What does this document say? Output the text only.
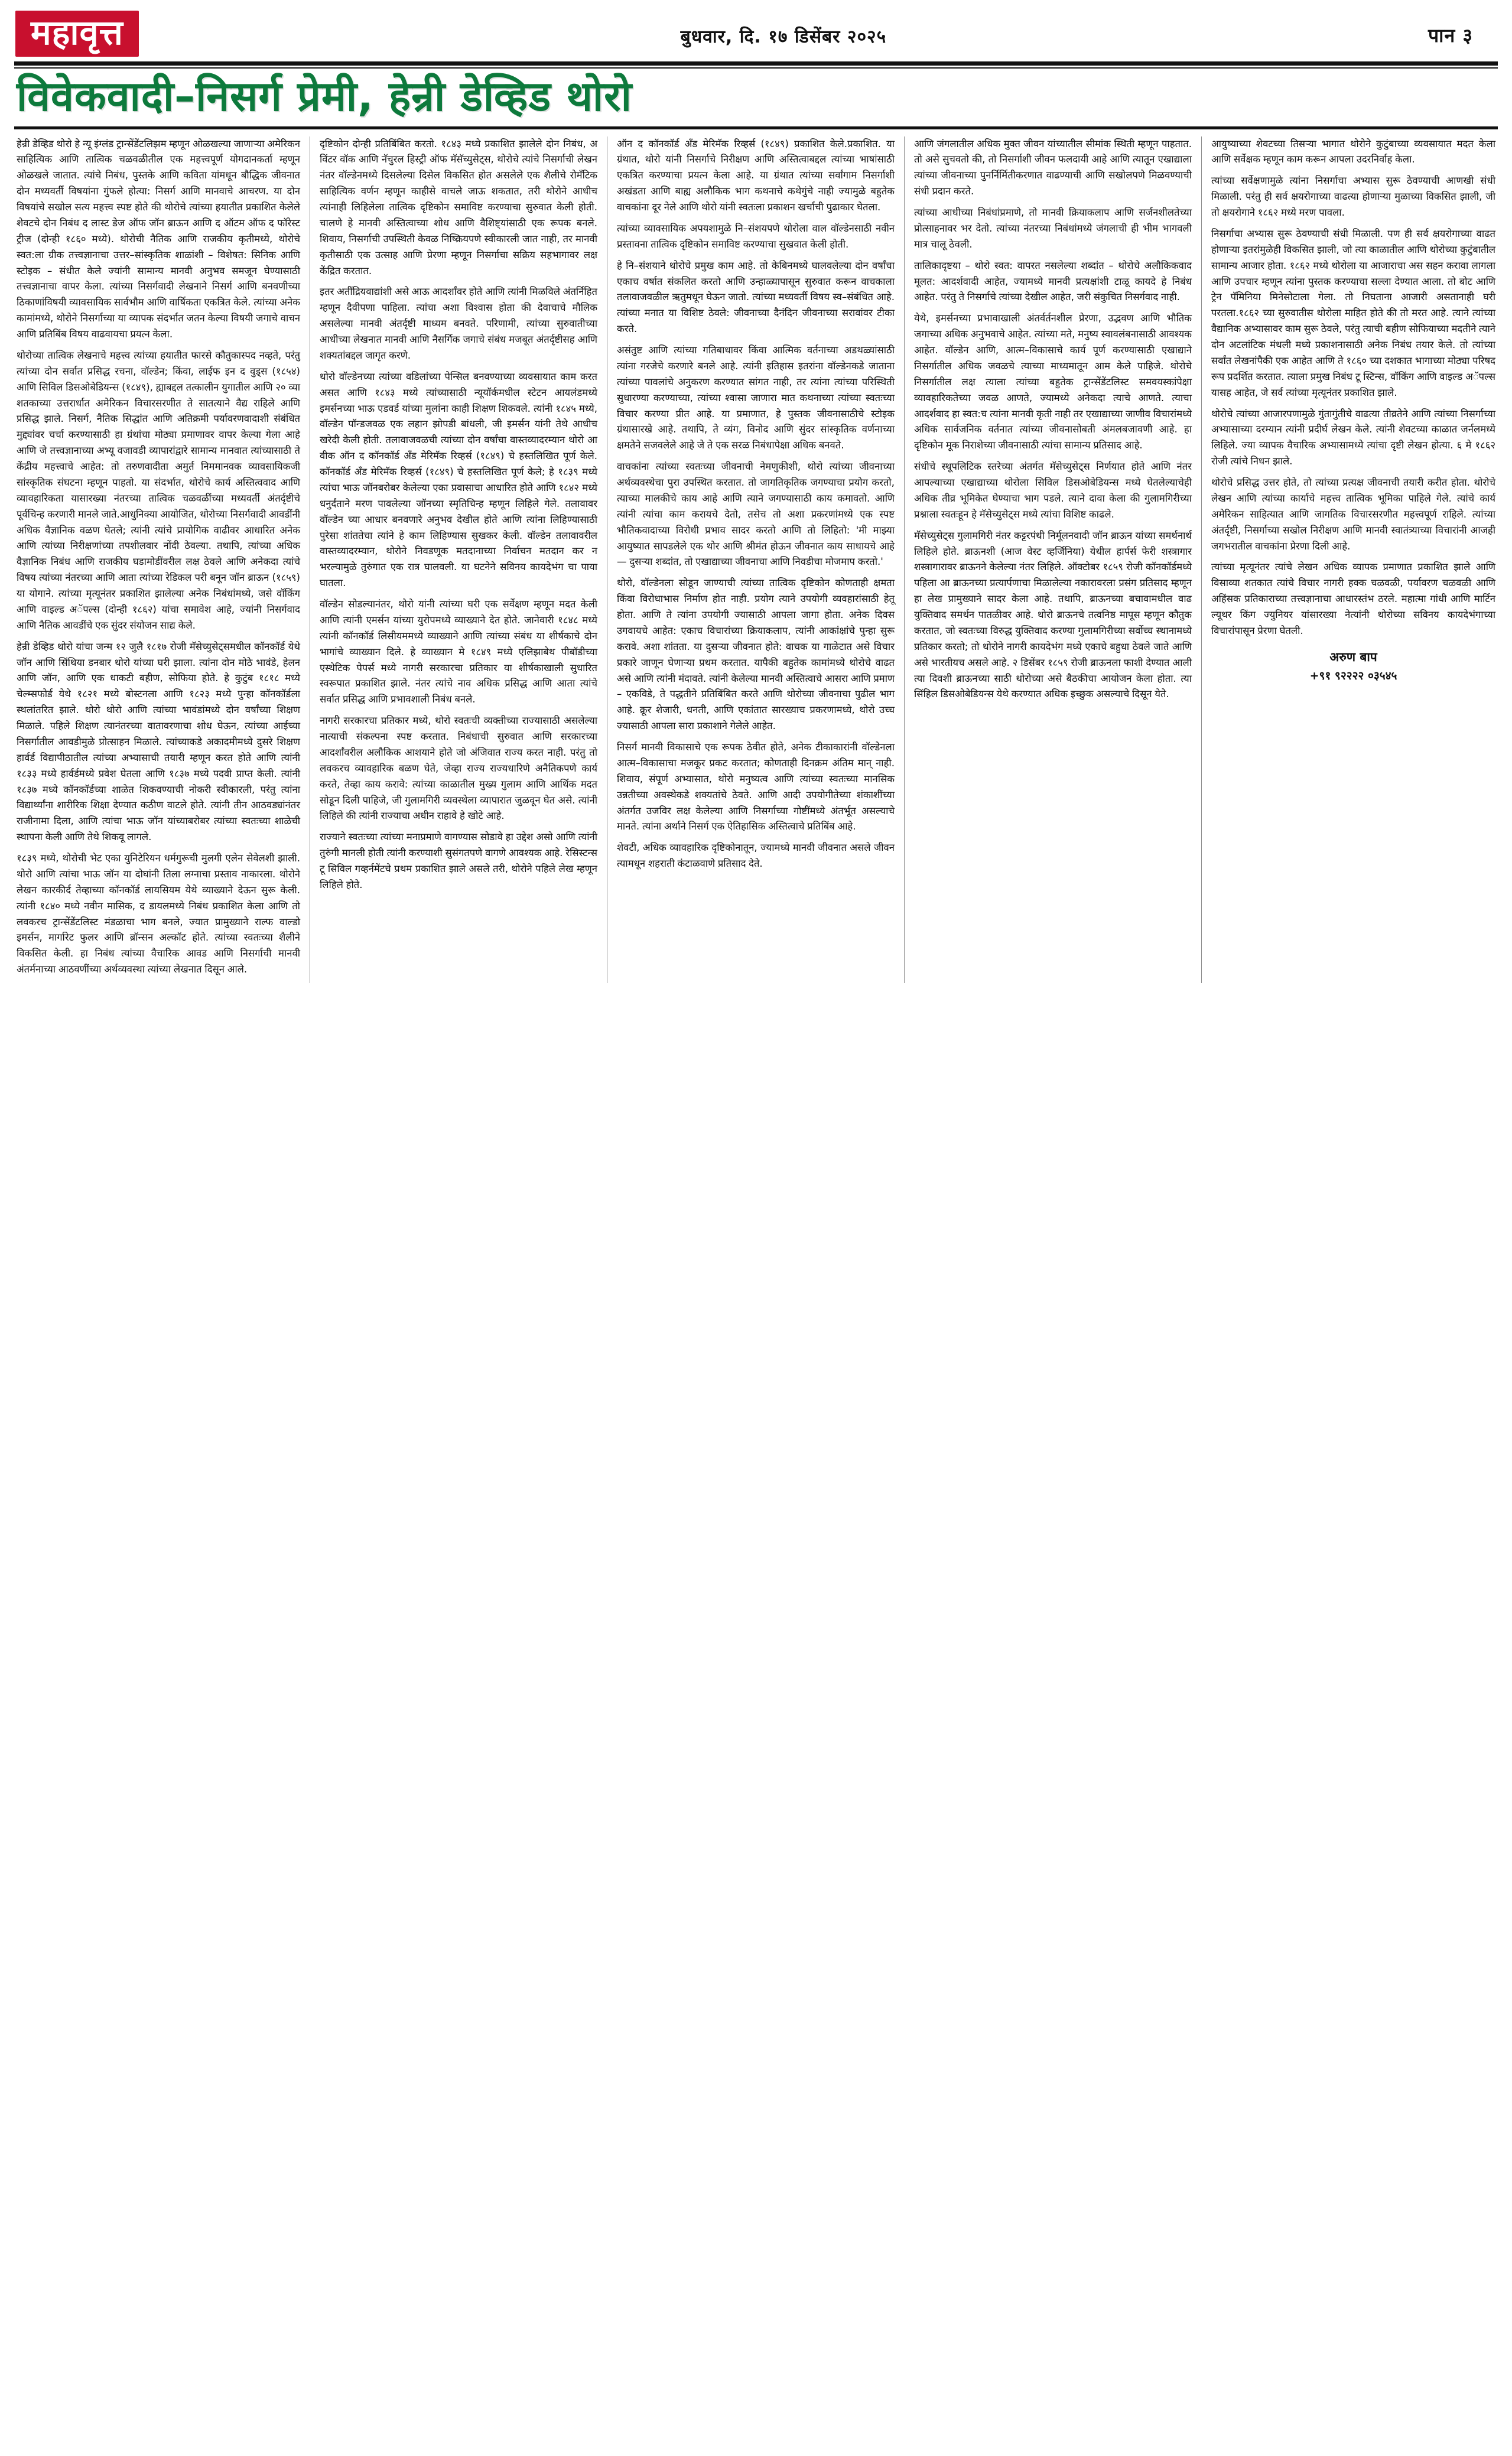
महावृत्त	बुधवार, दि. १७ डिसेंबर २०२५	पान ३
विवेकवादी–निसर्ग प्रेमी, हेन्री डेव्हिड थोरो

हेन्री डेव्हिड थोरो हे न्यू इंग्लंड ट्रान्सेंडेंटलिझम म्हणून ओळखल्या जाणाऱ्या अमेरिकन साहित्यिक आणि तात्विक चळवळीतील एक महत्त्वपूर्ण योगदानकर्ता म्हणून ओळखले जातात. त्यांचे निबंध, पुस्तके आणि कविता यांमधून बौद्धिक जीवनात दोन मध्यवर्ती विषयांना गुंफले होत्या: निसर्ग आणि मानवाचे आचरण. या दोन विषयांचे सखोल सत्य महत्त्व स्पष्ट होते की थोरोचे त्यांच्या हयातीत प्रकाशित केलेले शेवटचे दोन निबंध द लास्ट डेज ऑफ जॉन ब्राऊन आणि द ऑटम ऑफ द फॉरेस्ट ट्रीज (दोन्ही १८६० मध्ये). थोरोची नैतिक आणि राजकीय कृतीमध्ये, थोरोचे स्वत:ला ग्रीक तत्त्वज्ञानाचा उत्तर–सांस्कृतिक शाळांशी – विशेषत: सिनिक आणि स्टोइक – संधीत केले ज्यांनी सामान्य मानवी अनुभव समजून घेण्यासाठी तत्त्वज्ञानाचा वापर केला. त्यांच्या निसर्गवादी लेखनाने निसर्ग आणि बनवणीच्या ठिकाणांविषयी व्यावसायिक सार्वभौम आणि वार्षिकता एकत्रित केले. त्यांच्या अनेक कामांमध्ये, थोरोने निसर्गाच्या या व्यापक संदर्भात जतन केल्या विषयी जगाचे वाचन आणि प्रतिबिंब विषय वाढवायचा प्रयत्न केला.

थोरोच्या तात्विक लेखनाचे महत्त्व त्यांच्या हयातीत फारसे कौतुकास्पद नव्हते, परंतु त्यांच्या दोन सर्वात प्रसिद्ध रचना, वॉल्डेन; किंवा, लाईफ इन द वुड्स (१८५४) आणि सिविल डिसओबेडियन्स (१८४९), ह्याबद्दल तत्कालीन युगातील आणि २० व्या शतकाच्या उत्तरार्धात अमेरिकन विचारसरणीत ते सातत्याने वैद्य राहिले आणि प्रसिद्ध झाले. निसर्ग, नैतिक सिद्धांत आणि अतिक्रमी पर्यावरणवादाशी संबंधित मुद्द्यांवर चर्चा करण्यासाठी हा ग्रंथांचा मोठ्या प्रमाणावर वापर केल्या गेला आहे आणि जे तत्त्वज्ञानाच्या अभ्यू वजावडी व्यापारांद्वारे सामान्य मानवात त्यांच्यासाठी ते केंद्रीय महत्त्वाचे आहेत: तो तरुणवादीता अमुर्त निममानवक व्यावसायिकजी सांस्कृतिक संघटना म्हणून पाहतो. या संदर्भात, थोरोचे कार्य अस्तित्ववाद आणि व्यावहारिकता यासारख्या नंतरच्या तात्विक चळवळींच्या मध्यवर्ती अंतर्दृष्टीचे पूर्वचिन्ह करणारी मानले जाते.आधुनिक्या आयोजित, थोरोच्या निसर्गवादी आवडींनी अधिक वैज्ञानिक वळण घेतले; त्यांनी त्यांचे प्रायोगिक वाढीवर आधारित अनेक आणि त्यांच्या निरीक्षणांच्या तपशीलवार नोंदी ठेवल्या. तथापि, त्यांच्या अधिक वैज्ञानिक निबंध आणि राजकीय घडामोडींवरील लक्ष ठेवले आणि अनेकदा त्यांचे विषय त्यांच्या नंतरच्या आणि आता त्यांच्या रेडिकल परी बनून जॉन ब्राऊन (१८५९) या योगाने. त्यांच्या मृत्यूनंतर प्रकाशित झालेल्या अनेक निबंधांमध्ये, जसे वॉकिंग आणि वाइल्ड अॅपल्स (दोन्ही १८६२) यांचा समावेश आहे, ज्यांनी निसर्गवाद आणि नैतिक आवडींचे एक सुंदर संयोजन साद्य केले.

हेन्री डेव्हिड थोरो यांचा जन्म १२ जुलै १८१७ रोजी मॅसेच्युसेट्समधील कॉनकॉर्ड येथे जॉन आणि सिंथिया डनबार थोरो यांच्या घरी झाला. त्यांना दोन मोठे भावंडे, हेलन आणि जॉन, आणि एक धाकटी बहीण, सोफिया होते. हे कुटुंब १८१८ मध्ये चेल्म्सफोर्ड येथे १८२१ मध्ये बोस्टनला आणि १८२३ मध्ये पुन्हा कॉनकॉर्डला स्थलांतरित झाले. थोरो थोरो आणि त्यांच्या भावंडांमध्ये दोन वर्षांच्या शिक्षण मिळाले. पहिले शिक्षण त्यानंतरच्या वातावरणाचा शोध घेऊन, त्यांच्या आईच्या निसर्गातील आवडीमुळे प्रोत्साहन मिळाले. त्यांच्याकडे अकादमीमध्ये दुसरे शिक्षण हार्वर्ड विद्यापीठातील त्यांच्या अभ्यासाची तयारी म्हणून करत होते आणि त्यांनी १८३३ मध्ये हार्वर्डमध्ये प्रवेश घेतला आणि १८३७ मध्ये पदवी प्राप्त केली. त्यांनी १८३७ मध्ये कॉनकॉर्डच्या शाळेत शिकवण्याची नोकरी स्वीकारली, परंतु त्यांना विद्यार्थ्यांना शारीरिक शिक्षा देण्यात कठीण वाटले होते. त्यांनी तीन आठवड्यांनंतर राजीनामा दिला, आणि त्यांचा भाऊ जॉन यांच्याबरोबर त्यांच्या स्वतःच्या शाळेची स्थापना केली आणि तेथे शिकवू लागले.

१८३९ मध्ये, थोरोची भेट एका युनिटेरियन धर्मगुरूची मुलगी एलेन सेवेलशी झाली. थोरो आणि त्यांचा भाऊ जॉन या दोघांनी तिला लग्नाचा प्रस्ताव नाकारला. थोरोने लेखन कारकीर्द तेव्हाच्या कॉनकॉर्ड लायसियम येथे व्याख्याने देऊन सुरू केली. त्यांनी १८४० मध्ये नवीन मासिक, द डायलमध्ये निबंध प्रकाशित केला आणि तो लवकरच ट्रान्सेंडेंटलिस्ट मंडळाचा भाग बनले, ज्यात प्रामुख्याने राल्फ वाल्डो इमर्सन, मार्गारेट फुलर आणि ब्रॉन्सन अल्कॉट होते. त्यांच्या स्वतःच्या शैलीने विकसित केली. हा निबंध त्यांच्या वैचारिक आवड आणि निसर्गाची मानवी अंतर्मनाच्या आठवणींच्या अर्थव्यवस्था त्यांच्या लेखनात दिसून आले.

दृष्टिकोन दोन्ही प्रतिबिंबित करतो. १८४३ मध्ये प्रकाशित झालेले दोन निबंध, अ विंटर वॉक आणि नॅचुरल हिस्ट्री ऑफ मॅसॅच्युसेट्स, थोरोचे त्यांचे निसर्गाची लेखन नंतर वॉल्डेनमध्ये दिसलेल्या दिसेल विकसित होत असलेले एक शैलीचे रोमँटिक साहित्यिक वर्णन म्हणून काहीसे वाचले जाऊ शकतात, तरी थोरोने आधीच त्यांनाही लिहिलेला तात्विक दृष्टिकोन समाविष्ट करण्याचा सुरुवात केली होती. चालणे हे मानवी अस्तित्वाच्या शोध आणि वैशिष्ट्यांसाठी एक रूपक बनले. शिवाय, निसर्गाची उपस्थिती केवळ निष्क्रियपणे स्वीकारली जात नाही, तर मानवी कृतीसाठी एक उत्साह आणि प्रेरणा म्हणून निसर्गाचा सक्रिय सहभागावर लक्ष केंद्रित करतात.

इतर अतींद्रियवाद्यांशी असे आऊ आदर्शांवर होते आणि त्यांनी मिळविले अंतर्निहित म्हणून दैवीपणा पाहिला. त्यांचा अशा विश्वास होता की देवाचाचे मौलिक असलेल्या मानवी अंतर्दृष्टी माध्यम बनवते. परिणामी, त्यांच्या सुरुवातीच्या आधीच्या लेखनात मानवी आणि नैसर्गिक जगाचे संबंध मजबूत अंतर्दृष्टीसह आणि शक्यतांबद्दल जागृत करणे.

थोरो वॉल्डेनच्या त्यांच्या वडिलांच्या पेन्सिल बनवण्याच्या व्यवसायात काम करत असत आणि १८४३ मध्ये त्यांच्यासाठी न्यूयॉर्कमधील स्टेटन आयलंडमध्ये इमर्सनच्या भाऊ एडवर्ड यांच्या मुलांना काही शिक्षण शिकवले. त्यांनी १८४५ मध्ये, वॉल्डेन पॉन्डजवळ एक लहान झोपडी बांधली, जी इमर्सन यांनी तेथे आधीच खरेदी केली होती. तलावाजवळची त्यांच्या दोन वर्षांचा वास्तव्यादरम्यान थोरो आ वीक ऑन द कॉनकॉर्ड अँड मेरिमॅक रिव्हर्स (१८४९) चे हस्तलिखित पूर्ण केले. कॉनकॉर्ड अँड मेरिमॅक रिव्हर्स (१८४९) चे हस्तलिखित पूर्ण केले; हे १८३९ मध्ये त्यांचा भाऊ जॉनबरोबर केलेल्या एका प्रवासाचा आधारित होते आणि १८४२ मध्ये धनुर्दंताने मरण पावलेल्या जॉनच्या स्मृतिचिन्ह म्हणून लिहिले गेले. तलावावर वॉल्डेन च्या आधार बनवणारे अनुभव देखील होते आणि त्यांना लिहिण्यासाठी पुरेसा शांततेचा त्यांने हे काम लिहिण्यास सुखकर केली. वॉल्डेन तलावावरील वास्तव्यादरम्यान, थोरोने निवडणूक मतदानाच्या निर्वाचन मतदान कर न भरल्यामुळे तुरुंगात एक रात्र घालवली. या घटनेने सविनय कायदेभंग चा पाया घातला.

वॉल्डेन सोडल्यानंतर, थोरो यांनी त्यांच्या घरी एक सर्वेक्षण म्हणून मदत केली आणि त्यांनी एमर्सन यांच्या युरोपमध्ये व्याख्याने देत होते. जानेवारी १८४८ मध्ये त्यांनी कॉनकॉर्ड लिसीयममध्ये व्याख्याने आणि त्यांच्या संबंध या शीर्षकाचे दोन भागांचे व्याख्यान दिले. हे व्याख्यान मे १८४९ मध्ये एलिझाबेथ पीबॉडीच्या एस्थेटिक पेपर्स मध्ये नागरी सरकारचा प्रतिकार या शीर्षकाखाली सुधारित स्वरूपात प्रकाशित झाले. नंतर त्यांचे नाव अधिक प्रसिद्ध आणि आता त्यांचे सर्वात प्रसिद्ध आणि प्रभावशाली निबंध बनले.

नागरी सरकारचा प्रतिकार मध्ये, थोरो स्वतःची व्यक्तीच्या राज्यासाठी असलेल्या नात्याची संकल्पना स्पष्ट करतात. निबंधाची सुरुवात आणि सरकारच्या आदर्शांवरील अलौकिक आशयाने होते जो अंजिवात राज्य करत नाही. परंतु तो लवकरच व्यावहारिक बळण घेते, जेव्हा राज्य राज्यधारिणे अनैतिकपणे कार्य करते, तेव्हा काय करावे: त्यांच्या काळातील मुख्य गुलाम आणि आर्थिक मदत सोडून दिली पाहिजे, जी गुलामगिरी व्यवस्थेला व्यापारात जुळवून घेत असे. त्यांनी लिहिले की त्यांनी राज्याचा अधीन राहावे हे खोटे आहे.

राज्याने स्वतःच्या त्यांच्या मनाप्रमाणे वागण्यास सोडावे हा उद्देश असो आणि त्यांनी तुरुंगी मानली होती त्यांनी करण्याशी सुसंगतपणे वागणे आवश्यक आहे. रेसिस्टन्स टू सिविल गव्हर्नमेंटचे प्रथम प्रकाशित झाले असले तरी, थोरोने पहिले लेख म्हणून लिहिले होते.

ऑन द कॉनकॉर्ड अँड मेरिमॅक रिव्हर्स (१८४९) प्रकाशित केले.प्रकाशित. या ग्रंथात, थोरो यांनी निसर्गाचे निरीक्षण आणि अस्तित्वाबद्दल त्यांच्या भाषांसाठी एकत्रित करण्याचा प्रयत्न केला आहे. या ग्रंथात त्यांच्या सर्वांगाम निसर्गाशी अखंडता आणि बाह्य अलौकिक भाग कथनाचे कथेगुंचे नाही ज्यामुळे बहुतेक वाचकांना दूर नेले आणि थोरो यांनी स्वतःला प्रकाशन खर्चाची पुढाकार घेतला.

त्यांच्या व्यावसायिक अपयशामुळे नि–संशयपणे थोरोला वाल वॉल्डेनसाठी नवीन प्रस्तावना तात्विक दृष्टिकोन समाविष्ट करण्याचा सुखवात केली होती.

हे नि–संशयाने थोरोचे प्रमुख काम आहे. तो केबिनमध्ये घालवलेल्या दोन वर्षांचा एकाच वर्षात संकलित करतो आणि उन्हाळ्यापासून सुरुवात करून वाचकाला तलावाजवळील ऋतुमधून घेऊन जातो. त्यांच्या मध्यवर्ती विषय स्व–संबंधित आहे. त्यांच्या मनात या विशिष्ट ठेवले: जीवनाच्या दैनंदिन जीवनाच्या सरावांवर टीका करते.

असंतुष्ट आणि त्यांच्या गतिबाधावर किंवा आत्मिक वर्तनाच्या अडथळ्यांसाठी त्यांना गरजेचे करणारे बनले आहे. त्यांनी इतिहास इतरांना वॉल्डेनकडे जाताना त्यांच्या पावलांचे अनुकरण करण्यात सांगत नाही, तर त्यांना त्यांच्या परिस्थिती सुधारण्या करण्याच्या, त्यांच्या श्वासा जाणारा मात कथनाच्या त्यांच्या स्वतःच्या विचार करण्या प्रीत आहे. या प्रमाणात, हे पुस्तक जीवनासाठीचे स्टोइक ग्रंथासारखे आहे. तथापि, ते व्यंग, विनोद आणि सुंदर सांस्कृतिक वर्णनाच्या क्षमतेने सजवलेले आहे जे ते एक सरळ निबंधापेक्षा अधिक बनवते.

वाचकांना त्यांच्या स्वतःच्या जीवनाची नेमणुकीशी, थोरो त्यांच्या जीवनाच्या अर्थव्यवस्थेचा पुरा उपस्थित करतात. तो जागतिकृतिक जगण्याचा प्रयोग करतो, त्याच्या मालकीचे काय आहे आणि त्याने जगण्यासाठी काय कमावतो. आणि त्यांनी त्यांचा काम करायचे देतो, तसेच तो अशा प्रकरणांमध्ये एक स्पष्ट भौतिकवादाच्या विरोधी प्रभाव सादर करतो आणि तो लिहितो: 'मी माझ्या आयुष्यात सापडलेले एक थोर आणि श्रीमंत होऊन जीवनात काय साधायचे आहे — दुसऱ्या शब्दांत, तो एखाद्याच्या जीवनाचा आणि निवडीचा मोजमाप करतो.'

थोरो, वॉल्डेनला सोडून जाण्याची त्यांच्या तात्विक दृष्टिकोन कोणताही क्षमता किंवा विरोधाभास निर्माण होत नाही. प्रयोग त्याने उपयोगी व्यवहारांसाठी हेतू होता. आणि ते त्यांना उपयोगी ज्यासाठी आपला जागा होता. अनेक दिवस उगवायचे आहेत: एकाच विचारांच्या क्रियाकलाप, त्यांनी आकांक्षांचे पुन्हा सुरू करावे. अशा शांतता. या दुसऱ्या जीवनात होते: वाचक या गाळेटात असे विचार प्रकारे जाणून घेणाऱ्या प्रथम करतात. यापैकी बहुतेक कामांमध्ये थोरोचे वाढत असे आणि त्यांनी मंदावते. त्यांनी केलेल्या मानवी अस्तित्वाचे आसरा आणि प्रमाण – एकविडे, ते पद्धतीने प्रतिबिंबित करते आणि थोरोच्या जीवनाचा पुढील भाग आहे. क्रूर शेजारी, धनती, आणि एकांतात सारख्याच प्रकरणामध्ये, थोरो उच्च ज्यासाठी आपला सारा प्रकाशाने गेलेले आहेत.

निसर्ग मानवी विकासाचे एक रूपक ठेवीत होते, अनेक टीकाकारांनी वॉल्डेनला आत्म–विकासाचा मजकूर प्रकट करतात; कोणताही दिनक्रम अंतिम मान् नाही. शिवाय, संपूर्ण अभ्यासात, थोरो मनुष्यत्व आणि त्यांच्या स्वतःच्या मानसिक उन्नतीच्या अवस्थेकडे शक्यतांचे ठेवते. आणि आदी उपयोगीतेच्या शंकाशींच्या अंतर्गत उजविर लक्ष केलेल्या आणि निसर्गाच्या गोष्टींमध्ये अंतर्भूत असल्याचे मानते. त्यांना अर्थाने निसर्ग एक ऐतिहासिक अस्तित्वाचे प्रतिबिंब आहे.

शेवटी, अधिक व्यावहारिक दृष्टिकोनातून, ज्यामध्ये मानवी जीवनात असले जीवन त्यामधून शहराती कंटाळवाणे प्रतिसाद देते.

आणि जंगलातील अधिक मुक्त जीवन यांच्यातील सीमांक स्थिती म्हणून पाहतात. तो असे सुचवतो की, तो निसर्गाशी जीवन फलदायी आहे आणि त्यातून एखाद्याला त्यांच्या जीवनाच्या पुनर्निर्मितीकरणात वाढण्याची आणि सखोलपणे मिळवण्याची संधी प्रदान करते.

त्यांच्या आधीच्या निबंधांप्रमाणे, तो मानवी क्रियाकलाप आणि सर्जनशीलतेच्या प्रोत्साहनावर भर देतो. त्यांच्या नंतरच्या निबंधांमध्ये जंगलाची ही भीम भागवली मात्र चालू ठेवली.

तालिकादृष्टया – थोरो स्वत: वापरत नसलेल्या शब्दांत – थोरोचे अलौकिकवाद मूलत: आदर्शवादी आहेत, ज्यामध्ये मानवी प्रत्यक्षांशी टाळू कायदे हे निबंध आहेत. परंतु ते निसर्गाचे त्यांच्या देखील आहेत, जरी संकुचित निसर्गवाद नाही.

येथे, इमर्सनच्या प्रभावाखाली अंतर्वर्तनशील प्रेरणा, उद्भवण आणि भौतिक जगाच्या अधिक अनुभवाचे आहेत. त्यांच्या मते, मनुष्य स्वावलंबनासाठी आवश्यक आहेत. वॉल्डेन आणि, आत्म–विकासाचे कार्य पूर्ण करण्यासाठी एखाद्याने निसर्गातील अधिक जवळचे त्याच्या माध्यमातून आम केले पाहिजे. थोरोचे निसर्गातील लक्ष त्याला त्यांच्या बहुतेक ट्रान्सेंडेंटलिस्ट समवयस्कांपेक्षा व्यावहारिकतेच्या जवळ आणते, ज्यामध्ये अनेकदा त्याचे आणते. त्याचा आदर्शवाद हा स्वत:च त्यांना मानवी कृती नाही तर एखाद्याच्या जाणीव विचारांमध्ये अधिक सार्वजनिक वर्तनात त्यांच्या जीवनासोबती अंमलबजावणी आहे. हा दृष्टिकोन मूक निराशेच्या जीवनासाठी त्यांचा सामान्य प्रतिसाद आहे.

संधीचे स्थूपलिटिक स्तरेच्या अंतर्गत मॅसेच्युसेट्स निर्णयात होते आणि नंतर आपल्याच्या एखाद्याच्या थोरोला सिविल डिसओबेडियन्स मध्ये घेतलेल्याचेही अधिक तीव्र भूमिकेत घेण्याचा भाग पडले. त्याने दावा केला की गुलामगिरीच्या प्रश्नाला स्वतःहून हे मॅसेच्युसेट्स मध्ये त्यांचा विशिष्ट काढले.

मॅसेच्युसेट्स गुलामगिरी नंतर कट्टरपंथी निर्मूलनवादी जॉन ब्राऊन यांच्या समर्थनार्थ लिहिले होते. ब्राऊनशी (आज वेस्ट व्हर्जिनिया) येथील हार्पर्स फेरी शस्त्रागार शस्त्रागारावर ब्राऊनने केलेल्या नंतर लिहिले. ऑक्टोबर १८५९ रोजी कॉनकॉर्डमध्ये पहिला आ ब्राऊनच्या प्रत्यार्पणाचा मिळालेल्या नकारावरला प्रसंग प्रतिसाद म्हणून हा लेख प्रामुख्याने सादर केला आहे. तथापि, ब्राऊनच्या बचावामधील वाढ युक्तिवाद समर्थन पातळीवर आहे. थोरो ब्राऊनचे तत्वनिष्ठ मापूस म्हणून कौतुक करतात, जो स्वतःच्या विरुद्ध युक्तिवाद करण्या गुलामगिरीच्या सर्वोच्च स्थानामध्ये प्रतिकार करतो; तो थोरोने नागरी कायदेभंग मध्ये एकाचे बहुधा ठेवले जाते आणि असे भारतीयच असले आहे. २ डिसेंबर १८५९ रोजी ब्राऊनला फाशी देण्यात आली त्या दिवशी ब्राऊनच्या साठी थोरोच्या असे बैठकीचा आयोजन केला होता. त्या सिंहिल डिसओबेडियन्स येथे करण्यात अधिक इच्छुक असल्याचे दिसून येते.

आयुष्याच्या शेवटच्या तिसऱ्या भागात थोरोने कुटुंबाच्या व्यवसायात मदत केला आणि सर्वेक्षक म्हणून काम करून आपला उदरनिर्वाह केला.

त्यांच्या सर्वेक्षणामुळे त्यांना निसर्गाचा अभ्यास सुरू ठेवण्याची आणखी संधी मिळाली. परंतु ही सर्व क्षयरोगाच्या वाढत्या होणाऱ्या मुळाच्या विकसित झाली, जी तो क्षयरोगाने १८६२ मध्ये मरण पावला.

निसर्गाचा अभ्यास सुरू ठेवण्याची संधी मिळाली. पण ही सर्व क्षयरोगाच्या वाढत होणाऱ्या इतरांमुळेही विकसित झाली, जो त्या काळातील आणि थोरोच्या कुटुंबातील सामान्य आजार होता. १८६२ मध्ये थोरोला या आजाराचा अस सहन करावा लागला आणि उपचार म्हणून त्यांना पुस्तक करण्याचा सल्ला देण्यात आला. तो बोट आणि ट्रेन पॅमिनिया मिनेसोटाला गेला. तो निघताना आजारी असतानाही घरी परतला.१८६२ च्या सुरुवातीस थोरोला माहित होते की तो मरत आहे. त्याने त्यांच्या वैद्यानिक अभ्यासावर काम सुरू ठेवले, परंतु त्याची बहीण सोफियाच्या मदतीने त्याने दोन अटलांटिक मंथली मध्ये प्रकाशनासाठी अनेक निबंध तयार केले. तो त्यांच्या सर्वांत लेखनांपैकी एक आहेत आणि ते १८६० च्या दशकात भागाच्या मोठ्या परिषद रूप प्रदर्शित करतात. त्याला प्रमुख निबंध टू स्टिन्स, वॉकिंग आणि वाइल्ड अॅपल्स यासह आहेत, जे सर्व त्यांच्या मृत्यूनंतर प्रकाशित झाले.

थोरोचे त्यांच्या आजारपणामुळे गुंतागुंतीचे वाढत्या तीव्रतेने आणि त्यांच्या निसर्गाच्या अभ्यासाच्या दरम्यान त्यांनी प्रदीर्घ लेखन केले. त्यांनी शेवटच्या काळात जर्नलमध्ये लिहिले. ज्या व्यापक वैचारिक अभ्यासामध्ये त्यांचा दृष्टी लेखन होत्या. ६ मे १८६२ रोजी त्यांचे निधन झाले.

थोरोचे प्रसिद्ध उत्तर होते, तो त्यांच्या प्रत्यक्ष जीवनाची तयारी करीत होता. थोरोचे लेखन आणि त्यांच्या कार्याचे महत्त्व तात्विक भूमिका पाहिले गेले. त्यांचे कार्य अमेरिकन साहित्यात आणि जागतिक विचारसरणीत महत्त्वपूर्ण राहिले. त्यांच्या अंतर्दृष्टी, निसर्गाच्या सखोल निरीक्षण आणि मानवी स्वातंत्र्याच्या विचारांनी आजही जगभरातील वाचकांना प्रेरणा दिली आहे.

त्यांच्या मृत्यूनंतर त्यांचे लेखन अधिक व्यापक प्रमाणात प्रकाशित झाले आणि विसाव्या शतकात त्यांचे विचार नागरी हक्क चळवळी, पर्यावरण चळवळी आणि अहिंसक प्रतिकाराच्या तत्त्वज्ञानाचा आधारस्तंभ ठरले. महात्मा गांधी आणि मार्टिन ल्यूथर किंग ज्युनियर यांसारख्या नेत्यांनी थोरोच्या सविनय कायदेभंगाच्या विचारांपासून प्रेरणा घेतली.

अरुण बाप
+९१ ९२२२२ ०३५४५
